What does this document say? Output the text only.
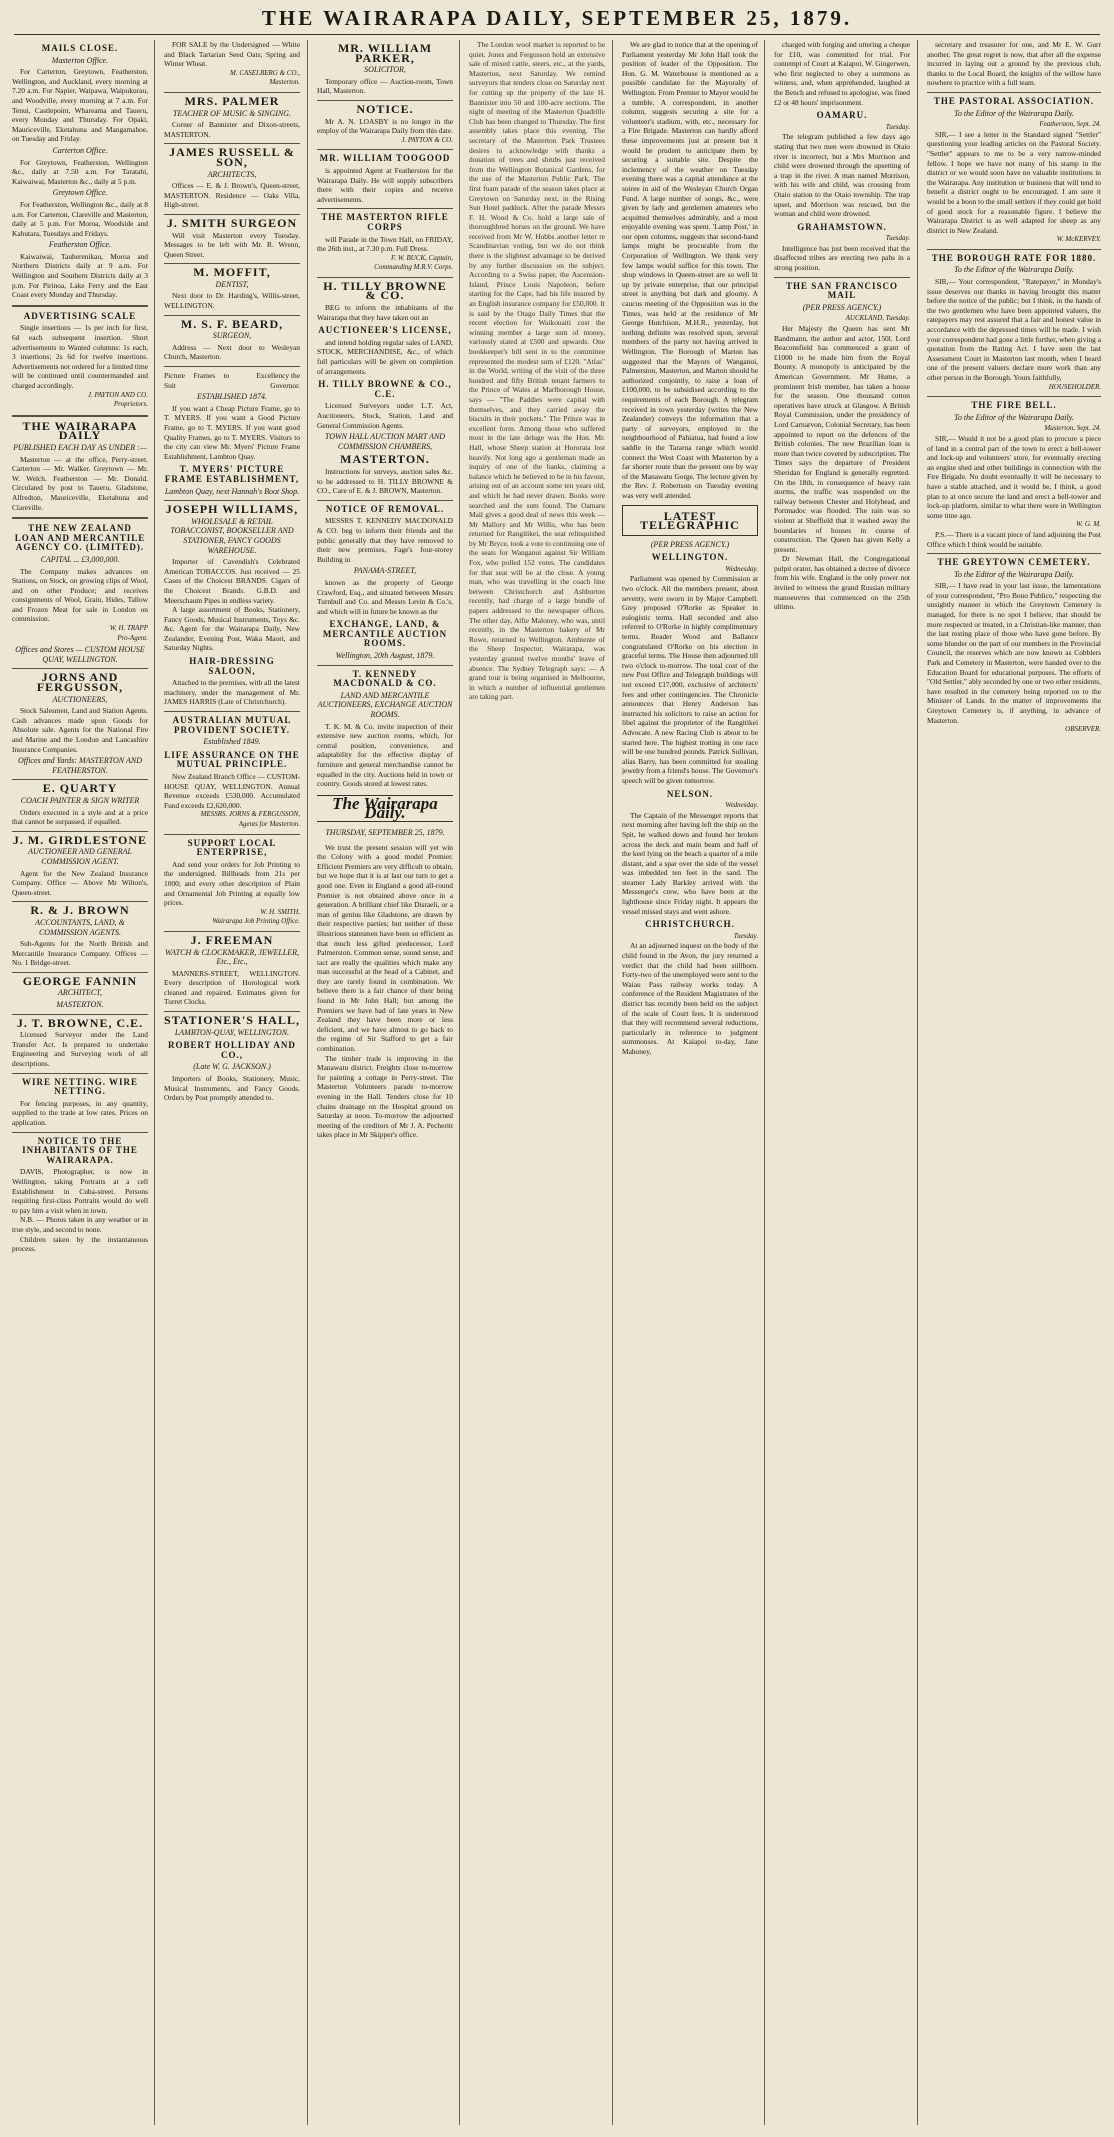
THE WAIRARAPA DAILY, SEPTEMBER 25, 1879.
MAILS CLOSE.
Masterton Office.

For Carterton, Greytown, Featherston, Wellington, and Auckland, every morning at 7.20 a.m. For Napier, Waipawa, Waipukurau, and Woodville, every morning at 7 a.m. For Tenui, Castlepoint, Whareama and Taueru, every Monday and Thursday. For Opaki, Mauriceville, Eketahuna and Mangamahoe, on Tuesday and Friday.

Carterton Office.

For Greytown, Featherston, Wellington &c., daily at 7.50 a.m. For Taratahi, Kaiwaiwai, Masterton &c., daily at 5 p.m.

Greytown Office.

For Featherston, Wellington &c., daily at 8 a.m. For Carterton, Clareville and Masterton, daily at 5 p.m. For Moroa, Woodside and Kahutara, Tuesdays and Fridays.

Featherston Office.

Kaiwaiwai, Tauherenikau, Moroa and Northern Districts daily at 9 a.m. For Wellington and Southern Districts daily at 3 p.m. For Pirinoa, Lake Ferry and the East Coast every Monday and Thursday.

ADVERTISING SCALE

Single insertions — 1s per inch for first, 6d each subsequent insertion. Short advertisements to Wanted columns: 1s each, 3 insertions; 2s 6d for twelve insertions. Advertisements not ordered for a limited time will be continued until countermanded and charged accordingly.

J. PAYTON AND CO.
Proprietors.
THE WAIRARAPA DAILY
PUBLISHED EACH DAY AS UNDER :—

Masterton — at the office, Perry-street. Carterton — Mr. Walker. Greytown — Mr. W. Welch. Featherston — Mr. Donald. Circulated by post to Taueru, Gladstone, Alfredton, Mauriceville, Eketahuna and Clareville.

THE NEW ZEALAND LOAN AND MERCANTILE AGENCY CO. (LIMITED).
CAPITAL ... £3,000,000.

The Company makes advances on Stations, on Stock, on growing clips of Wool, and on other Produce; and receives consignments of Wool, Grain, Hides, Tallow and Frozen Meat for sale in London on commission.

W. H. TRAPP
Pro-Agent.
Offices and Stores — CUSTOM HOUSE QUAY, WELLINGTON.
JORNS AND FERGUSSON,
AUCTIONEERS,

Stock Salesmen, Land and Station Agents. Cash advances made upon Goods for Absolute sale. Agents for the National Fire and Marine and the London and Lancashire Insurance Companies.

Offices and Yards: MASTERTON AND FEATHERSTON.
E. QUARTY
COACH PAINTER & SIGN WRITER

Orders executed in a style and at a price that cannot be surpassed, if equalled.

J. M. GIRDLESTONE
AUCTIONEER AND GENERAL COMMISSION AGENT.

Agent for the New Zealand Insurance Company. Office — Above Mr Wilton's, Queen-street.

R. & J. BROWN
ACCOUNTANTS, LAND, & COMMISSION AGENTS.

Sub-Agents for the North British and Mercantile Insurance Company. Offices — No. 1 Bridge-street.

GEORGE FANNIN
ARCHITECT,
MASTERTON.
J. T. BROWNE, C.E.

Licensed Surveyor under the Land Transfer Act. Is prepared to undertake Engineering and Surveying work of all descriptions.

WIRE NETTING. WIRE NETTING.

For fencing purposes, in any quantity, supplied to the trade at low rates. Prices on application.

NOTICE TO THE INHABITANTS OF THE WAIRARAPA.

DAVIS, Photographer, is now in Wellington, taking Portraits at a cell Establishment in Cuba-street. Persons requiring first-class Portraits would do well to pay him a visit when in town.

N.B. — Photos taken in any weather or in true style, and second to none.

Children taken by the instantaneous process.

FOR SALE by the Undersigned — White and Black Tartarian Seed Oats; Spring and Winter Wheat.

M. CASELBERG & CO.,
Masterton.
MRS. PALMER
TEACHER OF MUSIC & SINGING.

Corner of Bannister and Dixon-streets, MASTERTON.

JAMES RUSSELL & SON,
ARCHITECTS,

Offices — E. & J. Brown's, Queen-street, MASTERTON. Residence — Oaks Villa, High-street.

J. SMITH SURGEON

Will visit Masterton every Tuesday. Messages to be left with Mr. R. Wrenn, Queen Street.

M. MOFFIT,
DENTIST,

Next door to Dr. Harding's, Willis-street, WELLINGTON.

M. S. F. BEARD,
SURGEON,

Address — Next door to Wesleyan Church, Masterton.

Picture Frames to Suit
Excellency the Governor.
ESTABLISHED 1874.

If you want a Cheap Picture Frame, go to T. MYERS. If you want a Good Picture Frame, go to T. MYERS. If you want good Quality Frames, go to T. MYERS. Visitors to the city can view Mr. Myers' Picture Frame Establishment, Lambton Quay.

T. MYERS' PICTURE FRAME ESTABLISHMENT,
Lambton Quay, next Hannah's Boot Shop.
JOSEPH WILLIAMS,
WHOLESALE & RETAIL TOBACCONIST, BOOKSELLER AND STATIONER, FANCY GOODS WAREHOUSE.

Importer of Cavendish's Celebrated American TOBACCOS. Just received — 25 Cases of the Choicest BRANDS. Cigars of the Choicest Brands. G.B.D. and Meerschaum Pipes in endless variety.

A large assortment of Books, Stationery, Fancy Goods, Musical Instruments, Toys &c. &c. Agent for the Wairarapa Daily, New Zealander, Evening Post, Waka Maori, and Saturday Nights.

HAIR-DRESSING SALOON,

Attached to the premises, with all the latest machinery, under the management of Mr. JAMES HARRIS (Late of Christchurch).

AUSTRALIAN MUTUAL PROVIDENT SOCIETY.
Established 1849.
LIFE ASSURANCE ON THE MUTUAL PRINCIPLE.

New Zealand Branch Office — CUSTOM-HOUSE QUAY, WELLINGTON. Annual Revenue exceeds £530,000. Accumulated Fund exceeds £2,620,000.

MESSRS. JORNS & FERGUSSON,
Agents for Masterton.
SUPPORT LOCAL ENTERPRISE,

And send your orders for Job Printing to the undersigned. Billheads from 21s per 1000; and every other description of Plain and Ornamental Job Printing at equally low prices.

W. H. SMITH,
Wairarapa Job Printing Office.
J. FREEMAN
WATCH & CLOCKMAKER, JEWELLER, Etc., Etc.,

MANNERS-STREET, WELLINGTON. Every description of Horological work cleaned and repaired. Estimates given for Turret Clocks.

STATIONER'S HALL,
LAMBTON-QUAY, WELLINGTON.
ROBERT HOLLIDAY AND CO.,
(Late W. G. JACKSON.)

Importers of Books, Stationery, Music, Musical Instruments, and Fancy Goods. Orders by Post promptly attended to.

MR. WILLIAM PARKER,
SOLICITOR,

Temporary office — Auction-room, Town Hall, Masterton.

NOTICE.

Mr A. N. LOASBY is no longer in the employ of the Wairarapa Daily from this date.

J. PAYTON & CO.
MR. WILLIAM TOOGOOD

is appointed Agent at Featherston for the Wairarapa Daily. He will supply subscribers there with their copies and receive advertisements.

THE MASTERTON RIFLE CORPS

will Parade in the Town Hall, on FRIDAY, the 26th inst., at 7.30 p.m. Full Dress.

F. W. BUCK, Captain,
Commanding M.R.V. Corps.
H. TILLY BROWNE & CO.

BEG to inform the inhabitants of the Wairarapa that they have taken out an

AUCTIONEER'S LICENSE,

and intend holding regular sales of LAND, STOCK, MERCHANDISE, &c., of which full particulars will be given on completion of arrangements.

H. TILLY BROWNE & CO., C.E.

Licensed Surveyors under L.T. Act, Auctioneers, Stock, Station, Land and General Commission Agents.

TOWN HALL AUCTION MART AND COMMISSION CHAMBERS,
MASTERTON.

Instructions for surveys, auction sales &c. to be addressed to H. TILLY BROWNE & CO., Care of E. & J. BROWN, Masterton.

NOTICE OF REMOVAL.

MESSRS T. KENNEDY MACDONALD & CO. beg to inform their friends and the public generally that they have removed to their new premises, Fage's four-storey Building in

PANAMA-STREET,

known as the property of George Crawford, Esq., and situated between Messrs Turnbull and Co. and Messrs Levin & Co.'s, and which will in future be known as the

EXCHANGE, LAND, & MERCANTILE AUCTION ROOMS.
Wellington, 20th August, 1879.
T. KENNEDY MACDONALD & CO.
LAND AND MERCANTILE AUCTIONEERS, EXCHANGE AUCTION ROOMS.

T. K. M. & Co. invite inspection of their extensive new auction rooms, which, for central position, convenience, and adaptability for the effective display of furniture and general merchandise cannot be equalled in the city. Auctions held in town or country. Goods stored at lowest rates.

The Wairarapa Daily.
THURSDAY, SEPTEMBER 25, 1879.

We trust the present session will yet win the Colony with a good model Premier. Efficient Premiers are very difficult to obtain, but we hope that it is at last our turn to get a good one. Even in England a good all-round Premier is not obtained above once in a generation. A brilliant chief like Disraeli, or a man of genius like Gladstone, are drawn by their respective parties; but neither of these illustrious statesmen have been so efficient as that much less gifted predecessor, Lord Palmerston. Common sense, sound sense, and tact are really the qualities which make any man successful at the head of a Cabinet, and they are rarely found in combination. We believe there is a fair chance of their being found in Mr John Hall; but among the Premiers we have had of late years in New Zealand they have been more or less deficient, and we have almost to go back to the regime of Sir Stafford to get a fair combination.

The timber trade is improving in the Manawatu district. Freights close to-morrow for painting a cottage in Perry-street. The Masterton Volunteers parade to-morrow evening in the Hall. Tenders close for 10 chains drainage on the Hospital ground on Saturday at noon. To-morrow the adjourned meeting of the creditors of Mr J. A. Pecheritt takes place in Mr Skipper's office.

The London wool market is reported to be quiet. Jones and Fergusson hold an extensive sale of mixed cattle, steers, etc., at the yards, Masterton, next Saturday. We remind surveyors that tenders close on Saturday next for cutting up the property of the late H. Bannister into 50 and 100-acre sections. The night of meeting of the Masterton Quadrille Club has been changed to Thursday. The first assembly takes place this evening. The secretary of the Masterton Park Trustees desires to acknowledge with thanks a donation of trees and shrubs just received from the Wellington Botanical Gardens, for the use of the Masterton Public Park. The first foam parade of the season takes place at Greytown on Saturday next, in the Rising Sun Hotel paddock. After the parade Messrs F. H. Wood & Co. hold a large sale of thoroughbred horses on the ground. We have received from Mr W. Hobbs another letter re Scandinavian voting, but we do not think there is the slightest advantage to be derived by any further discussion on the subject. According to a Swiss paper, the Ascension-Island, Prince Louis Napoleon, before starting for the Cape, had his life insured by an English insurance company for £50,000. It is said by the Otago Daily Times that the recent election for Waikouaiti cost the winning member a large sum of money, variously stated at £500 and upwards. One bookkeeper's bill sent in to the committee represented the modest sum of £120. "Atlas" in the World, writing of the visit of the three hundred and fifty British tenant farmers to the Prince of Wales at Marlborough House, says — "The Paddies were capital with themselves, and they carried away the biscuits in their pockets." The Prince was in excellent form. Among those who suffered most in the late deluge was the Hon. Mr. Hall, whose Sheep station at Hororata lost heavily. Not long ago a gentleman made an inquiry of one of the banks, claiming a balance which he believed to be in his favour, arising out of an account some ten years old, and which he had never drawn. Books were searched and the sum found. The Oamaru Mail gives a good deal of news this week — Mr Mallory and Mr Willis, who has been returned for Rangitikei, the seat relinquished by Mr Bryce, took a vote to continuing one of the seats for Wanganui against Sir William Fox, who polled 152 votes. The candidates for that seat will be at the close. A young man, who was travelling in the coach line between Christchurch and Ashburton recently, had charge of a large bundle of papers addressed to the newspaper offices. The other day, Alfie Maloney, who was, until recently, in the Masterton bakery of Mr Rowe, returned to Wellington. Ambiente of the Sheep Inspector, Wairarapa, was yesterday granted twelve months' leave of absence. The Sydney Telegraph says: — A grand tour is being organised in Melbourne, in which a number of influential gentlemen are taking part.

We are glad to notice that at the opening of Parliament yesterday Mr John Hall took the position of leader of the Opposition. The Hon. G. M. Waterhouse is mentioned as a possible candidate for the Mayoralty of Wellington. From Premier to Mayor would be a tumble. A correspondent, in another column, suggests securing a site for a volunteer's stadium, with, etc., necessary for a Fire Brigade. Masterton can hardly afford these improvements just at present but it would be prudent to anticipate them by securing a suitable site. Despite the inclemency of the weather on Tuesday evening there was a capital attendance at the soiree in aid of the Wesleyan Church Organ Fund. A large number of songs, &c., were given by lady and gentlemen amateurs who acquitted themselves admirably, and a most enjoyable evening was spent. 'Lamp Post,' in our open columns, suggests that second-hand lamps might be procurable from the Corporation of Wellington. We think very few lamps would suffice for this town. The shop windows in Queen-street are so well lit up by private enterprise, that our principal street is anything but dark and gloomy. A caucus meeting of the Opposition was in the Times, was held at the residence of Mr George Hutchison, M.H.R., yesterday, but nothing definite was resolved upon, several members of the party not having arrived in Wellington. The Borough of Marton has suggested that the Mayors of Wanganui, Palmerston, Masterton, and Marton should be authorized conjointly, to raise a loan of £100,000, to be subsidised according to the requirements of each Borough. A telegram received in town yesterday (writes the New Zealander) conveys the information that a party of surveyors, employed in the neighbourhood of Pahiatua, had found a low saddle in the Tararua range which would connect the West Coast with Masterton by a far shorter route than the present one by way of the Manawatu Gorge. The lecture given by the Rev. J. Robertson on Tuesday evening was very well attended.

LATEST TELEGRAPHIC
(PER PRESS AGENCY.)
WELLINGTON.
Wednesday.

Parliament was opened by Commission at two o'clock. All the members present, about seventy, were sworn in by Major Campbell. Grey proposed O'Rorke as Speaker in eulogistic terms. Hall seconded and also referred to O'Rorke in highly complimentary terms. Reader Wood and Ballance congratulated O'Rorke on his election in graceful terms. The House then adjourned till two o'clock to-morrow. The total cost of the new Post Office and Telegraph buildings will not exceed £17,000, exclusive of architects' fees and other contingencies. The Chronicle announces that Henry Anderson has instructed his solicitors to raise an action for libel against the proprietor of the Rangitikei Advocate. A new Racing Club is about to be started here. The highest trotting in one race will be one hundred pounds. Patrick Sullivan, alias Barry, has been committed for stealing jewelry from a friend's house. The Governor's speech will be given tomorrow.

NELSON.
Wednesday.

The Captain of the Messenger reports that next morning after having left the ship on the Spit, he walked down and found her broken across the deck and main beam and half of the keel lying on the beach a quarter of a mile distant, and a spar over the side of the vessel was imbedded ten feet in the sand. The steamer Lady Barkley arrived with the Messenger's crew, who have been at the lighthouse since Friday night. It appears the vessel missed stays and went ashore.

CHRISTCHURCH.
Tuesday.

At an adjourned inquest on the body of the child found in the Avon, the jury returned a verdict that the child had been stillborn. Forty-two of the unemployed were sent to the Waiau Pass railway works today. A conference of the Resident Magistrates of the district has recently been held on the subject of the scale of Court fees. It is understood that they will recommend several reductions, particularly in reference to judgment summonses. At Kaiapoi to-day, Jane Mahoney,

charged with forging and uttering a cheque for £10, was committed for trial. For contempt of Court at Kaiapoi, W. Gingerwen, who first neglected to obey a summons as witness, and, when apprehended, laughed at the Bench and refused to apologise, was fined £2 or 48 hours' imprisonment.

OAMARU.
Tuesday.

The telegram published a few days ago stating that two men were drowned in Otaio river is incorrect, but a Mrs Morrison and child were drowned through the upsetting of a trap in the river. A man named Morrison, with his wife and child, was crossing from Otaio station to the Otaio township. The trap upset, and Morrison was rescued, but the woman and child were drowned.

GRAHAMSTOWN.
Tuesday.

Intelligence has just been received that the disaffected tribes are erecting two pahs in a strong position.

THE SAN FRANCISCO MAIL
(PER PRESS AGENCY.)
AUCKLAND, Tuesday.

Her Majesty the Queen has sent Mr Bandmann, the author and actor, 150l. Lord Beaconsfield has commenced a grant of £1000 to be made him from the Royal Bounty. A monopoly is anticipated by the American Government. Mr Hume, a prominent Irish member, has taken a house for the season. One thousand cotton operatives have struck at Glasgow. A British Royal Commission, under the presidency of Lord Carnarvon, Colonial Secretary, has been appointed to report on the defences of the British colonies. The new Brazilian loan is more than twice covered by subscription. The Times says the departure of President Sheridan for England is generally regretted. On the 18th, in consequence of heavy rain storms, the traffic was suspended on the railway between Chester and Holyhead, and Portmadoc was flooded. The rain was so violent at Sheffield that it washed away the boundaries of houses in course of construction. The Queen has given Kelly a present.

Dr Newman Hall, the Congregational pulpit orator, has obtained a decree of divorce from his wife. England is the only power not invited to witness the grand Russian military manoeuvres that commenced on the 25th ultimo.

secretary and treasurer for one, and Mr E. W. Gurr another. The great regret is now, that after all the expense incurred in laying out a ground by the previous club, thanks to the Local Board, the knights of the willow have nowhere to practice with a full team.

THE PASTORAL ASSOCIATION.
To the Editor of the Wairarapa Daily.
Featherston, Sept. 24.

SIR,— I see a letter in the Standard signed "Settler" questioning your leading articles on the Pastoral Society. "Settler" appears to me to be a very narrow-minded fellow. I hope we have not many of his stamp in the district or we would soon have no valuable institutions in the Wairarapa. Any institution or business that will tend to benefit a district ought to be encouraged. I am sure it would be a boon to the small settlers if they could get hold of good stock for a reasonable figure. I believe the Wairarapa District is as well adapted for sheep as any district in New Zealand.

W. McKERVEY.
THE BOROUGH RATE FOR 1880.
To the Editor of the Wairarapa Daily.

SIR,— Your correspondent, "Ratepayer," in Monday's issue deserves our thanks in having brought this matter before the notice of the public; but I think, in the hands of the two gentlemen who have been appointed valuers, the ratepayers may rest assured that a fair and honest value in accordance with the depressed times will be made. I wish your correspondent had gone a little further, when giving a quotation from the Rating Act. I have seen the last Assessment Court in Masterton last month, when I heard one of the present valuers declare more work than any other person in the Borough. Yours faithfully,

HOUSEHOLDER.
THE FIRE BELL.
To the Editor of the Wairarapa Daily.
Masterton, Sept. 24.

SIR,— Would it not be a good plan to procure a piece of land in a central part of the town to erect a bell-tower and lock-up and volunteers' store, for eventually erecting an engine shed and other buildings in connection with the Fire Brigade. No doubt eventually it will be necessary to have a stable attached, and it would be, I think, a good plan to at once secure the land and erect a bell-tower and lock-up platform, similar to what there were in Wellington some time ago.

W. G. M.

P.S.— There is a vacant piece of land adjoining the Post Office which I think would be suitable.

THE GREYTOWN CEMETERY.
To the Editor of the Wairarapa Daily.

SIR,— I have read in your last issue, the lamentations of your correspondent, "Pro Bono Publico," respecting the unsightly manner in which the Greytown Cemetery is managed, for there is no spot I believe, that should be more respected or treated, in a Christian-like manner, than the last resting place of those who have gone before. By some blunder on the part of our members in the Provincial Council, the reserves which are now known as Cobblers Park and Cemetery in Masterton, were handed over to the Education Board for educational purposes. The efforts of "Old Settler," ably seconded by one or two other residents, have resulted in the cemetery being reported on to the Minister of Lands. In the matter of improvements the Greytown Cemetery is, if anything, in advance of Masterton.

OBSERVER.
